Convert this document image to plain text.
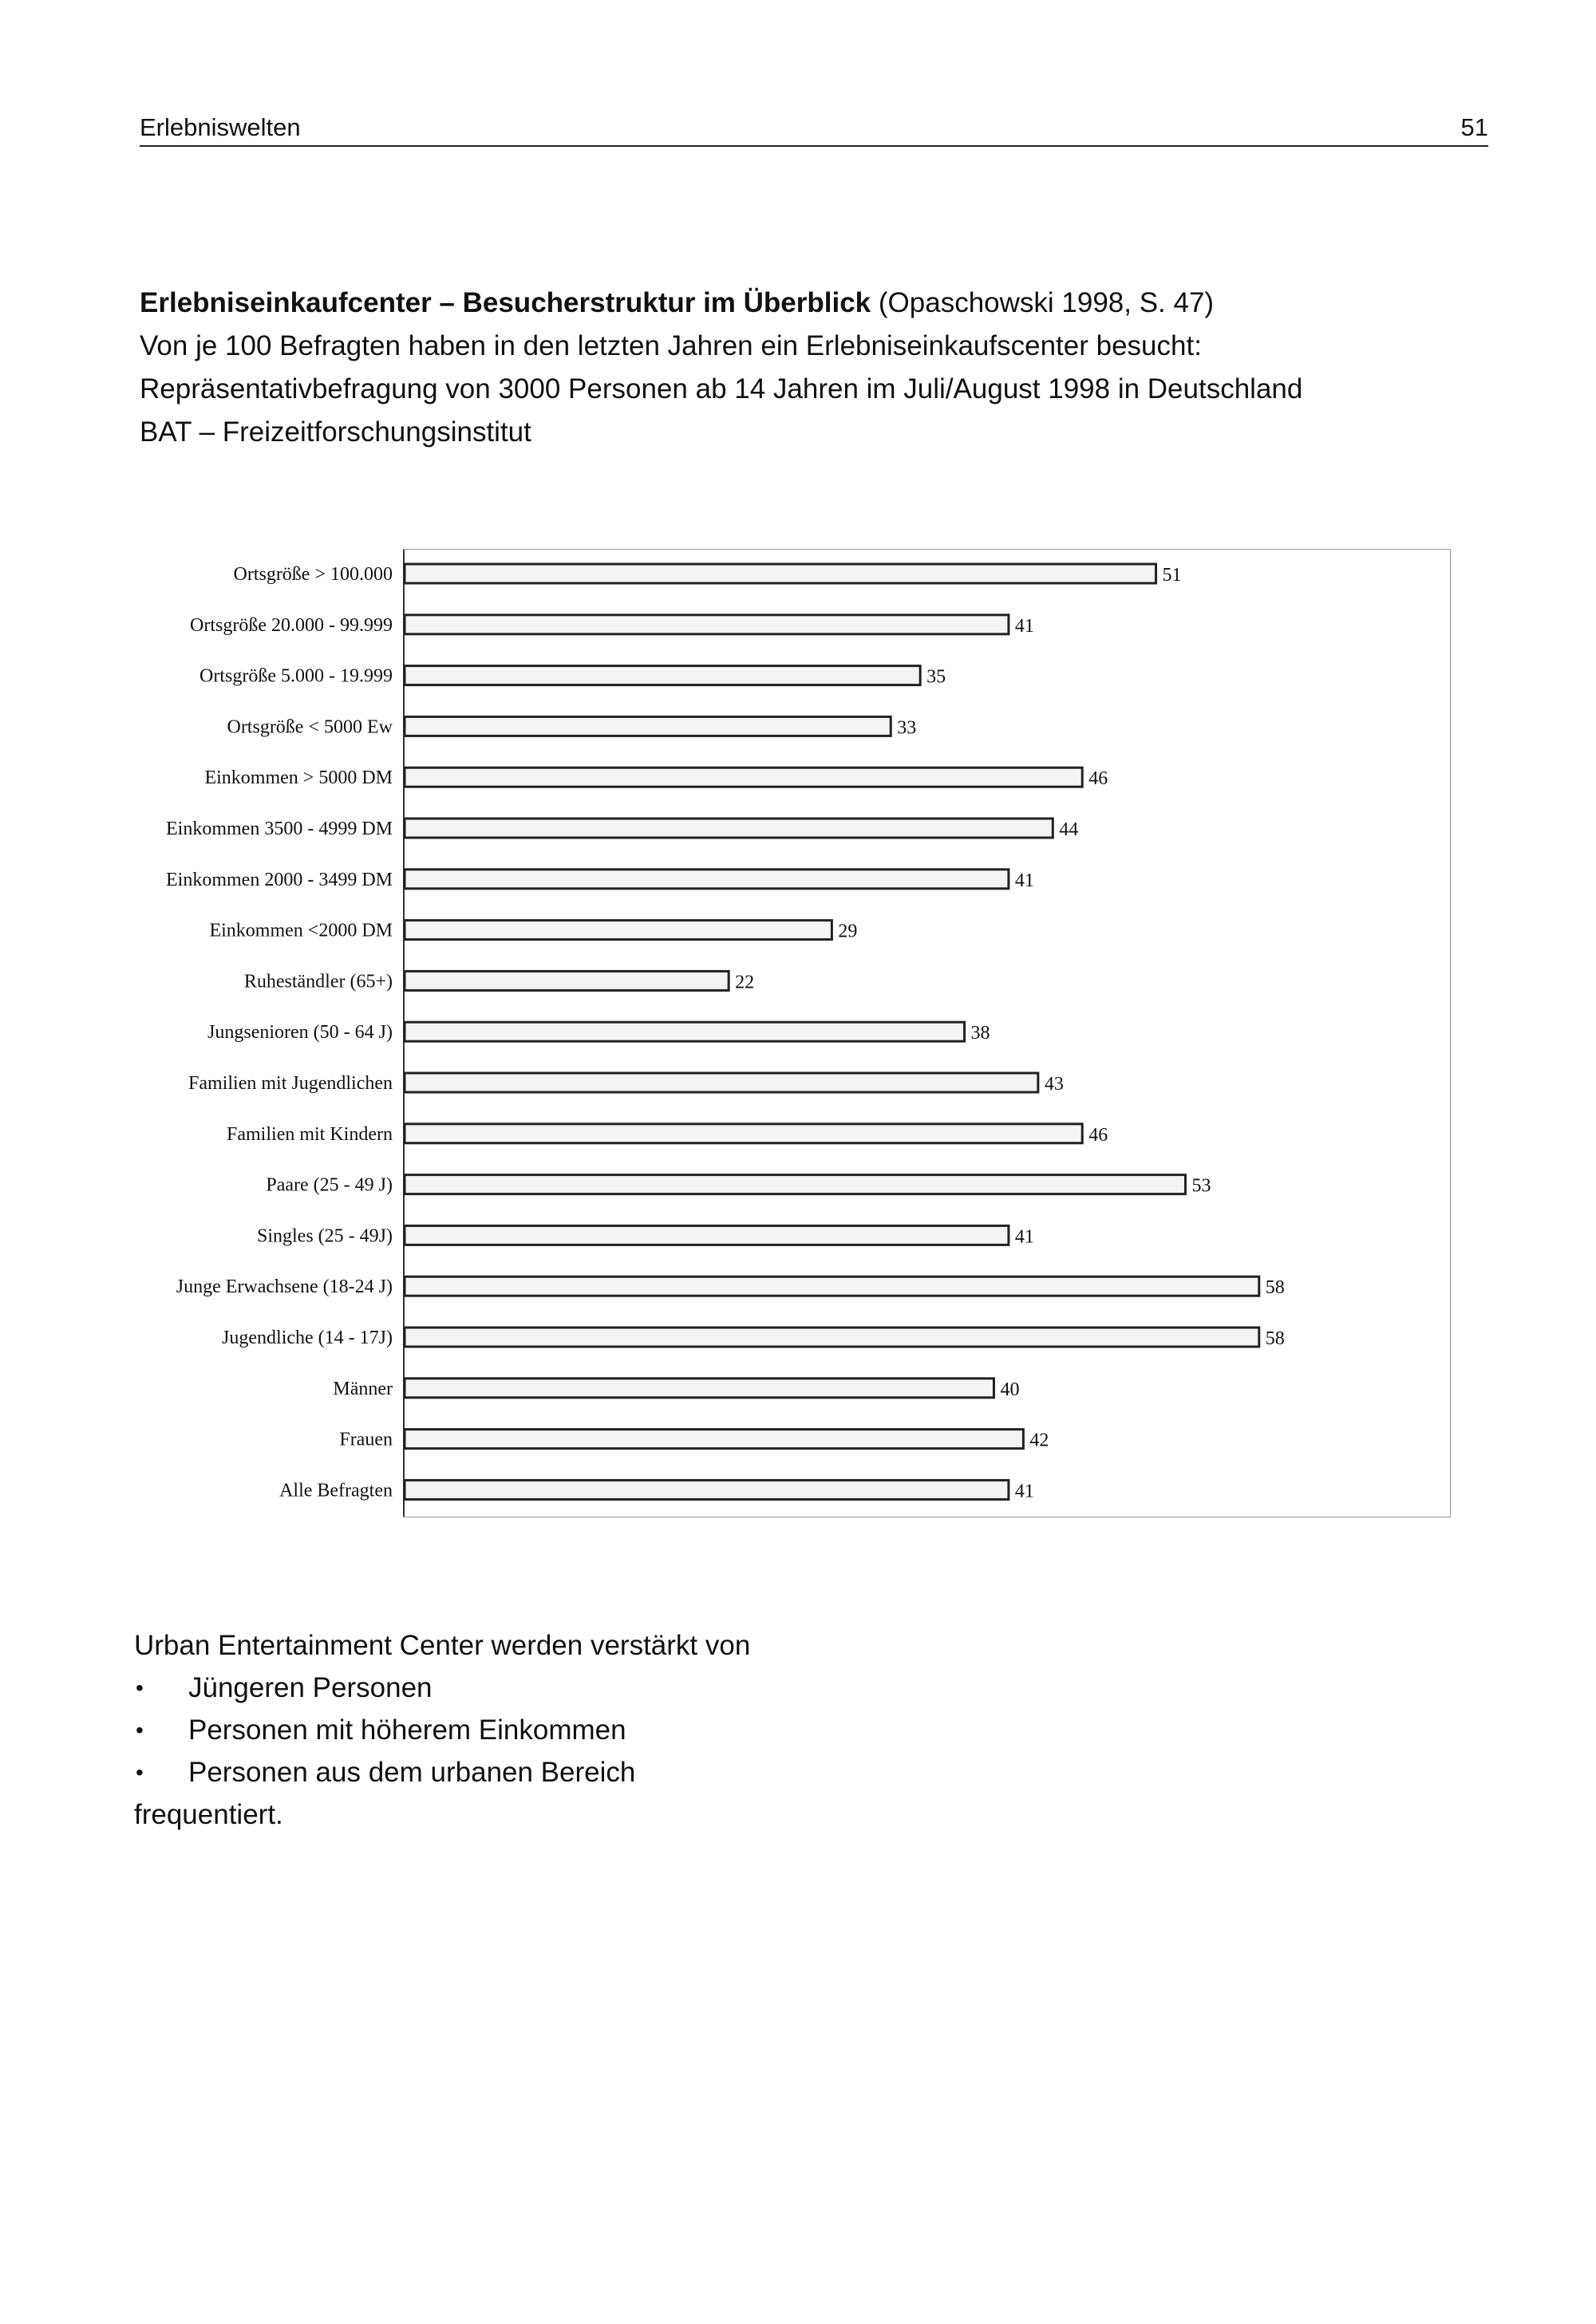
Erlebniswelten	51
Erlebniseinkaufcenter – Besucherstruktur im Überblick (Opaschowski 1998, S. 47)
Von je 100 Befragten haben in den letzten Jahren ein Erlebniseinkaufscenter besucht:
Repräsentativbefragung von 3000 Personen ab 14 Jahren im Juli/August 1998 in Deutschland
BAT – Freizeitforschungsinstitut
51
41
35
33
46
44
41
29
22
38
43
46
53
41
58
58
40
42
41
Urban Entertainment Center werden verstärkt von
• Jüngeren Personen
• Personen mit höherem Einkommen
• Personen aus dem urbanen Bereich
frequentiert.
Ortsgröße > 100.000
Ortsgröße 20.000 - 99.999
Ortsgröße 5.000 - 19.999
Ortsgröße < 5000 Ew
Einkommen > 5000 DM
Einkommen 3500 - 4999 DM
Einkommen 2000 - 3499 DM
Einkommen <2000 DM
Ruheständler (65+)
Jungsenioren (50 - 64 J)
Familien mit Jugendlichen
Familien mit Kindern
Paare (25 - 49 J)
Singles (25 - 49J)
Junge Erwachsene (18-24 J)
Jugendliche (14 - 17J)
Männer
Frauen
Alle Befragten
